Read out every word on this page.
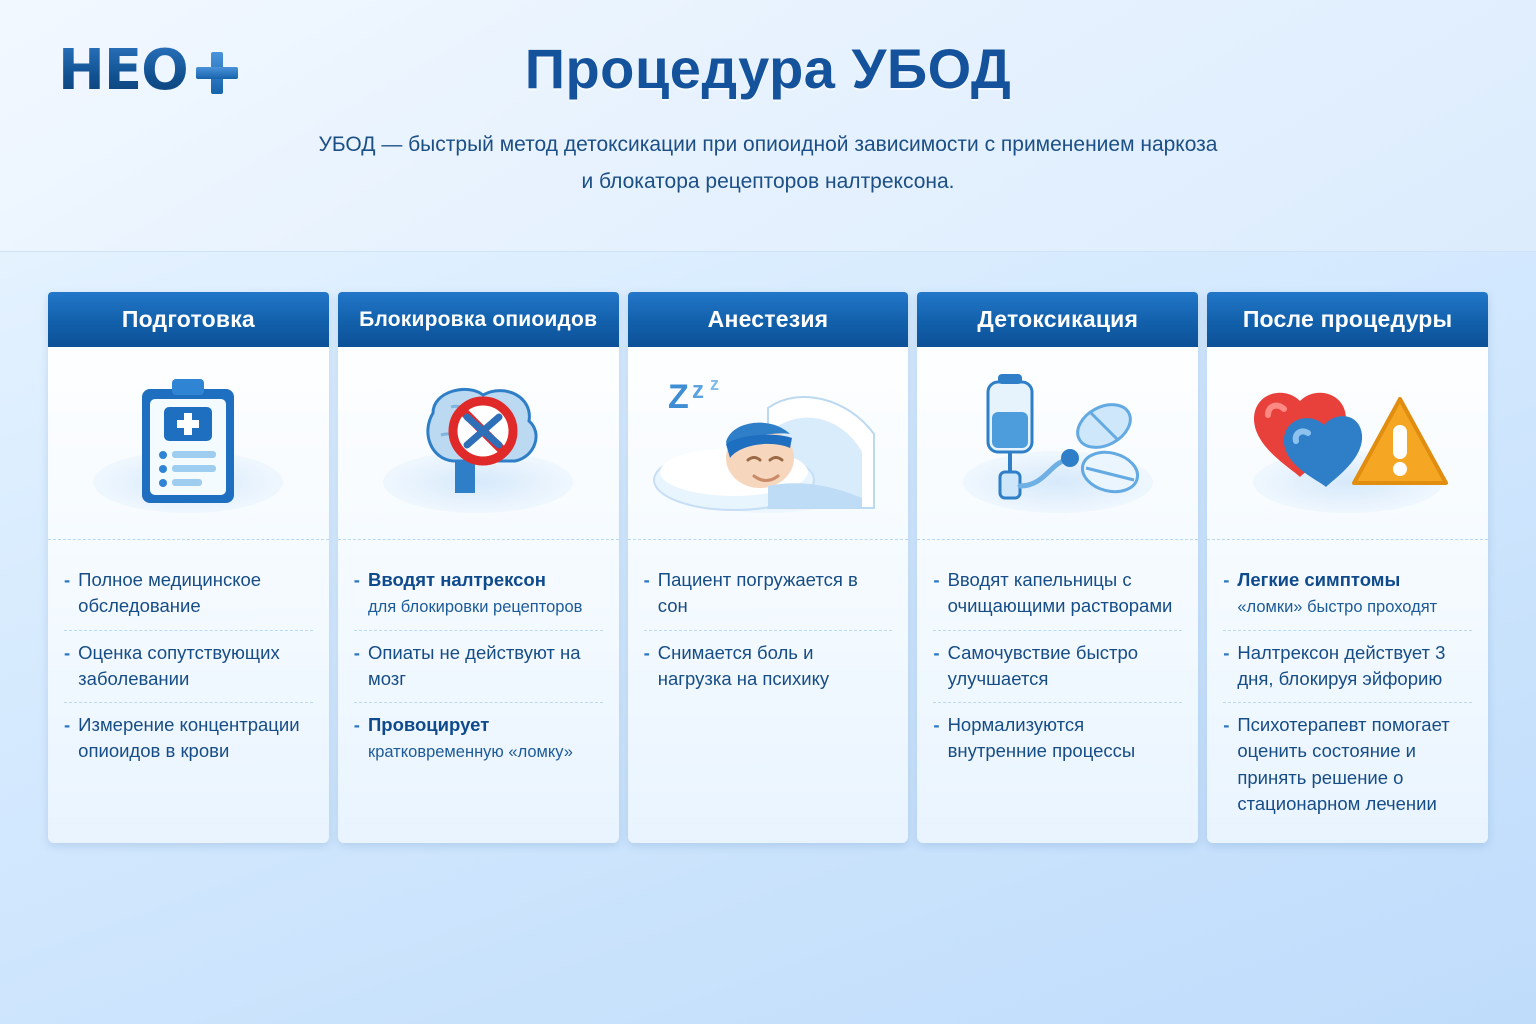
HEO	Процедура УБОД
УБОД — быстрый метод детоксикации при опиоидной зависимости с применением наркоза
и блокатора рецепторов налтрексона.
Подготовка
- Полное медицинское обследование
- Оценка сопутствующих заболевании
- Измерение концентрации опиоидов в крови
Блокировка опиоидов
- Вводят налтрексон
для блокировки рецепторов
- Опиаты не действуют на мозг
- Провоцирует
кратковременную «ломку»
Анестезия
Z z z
- Пациент погружается в сон
- Снимается боль и нагрузка на психику
Детоксикация
- Вводят капельницы с очищающими растворами
- Самочувствие быстро улучшается
- Нормализуются внутренние процессы
После процедуры
- Легкие симптомы
«ломки» быстро проходят
- Налтрексон действует 3 дня, блокируя эйфорию
- Психотерапевт помогает оценить состояние и принять решение о стационарном лечении
